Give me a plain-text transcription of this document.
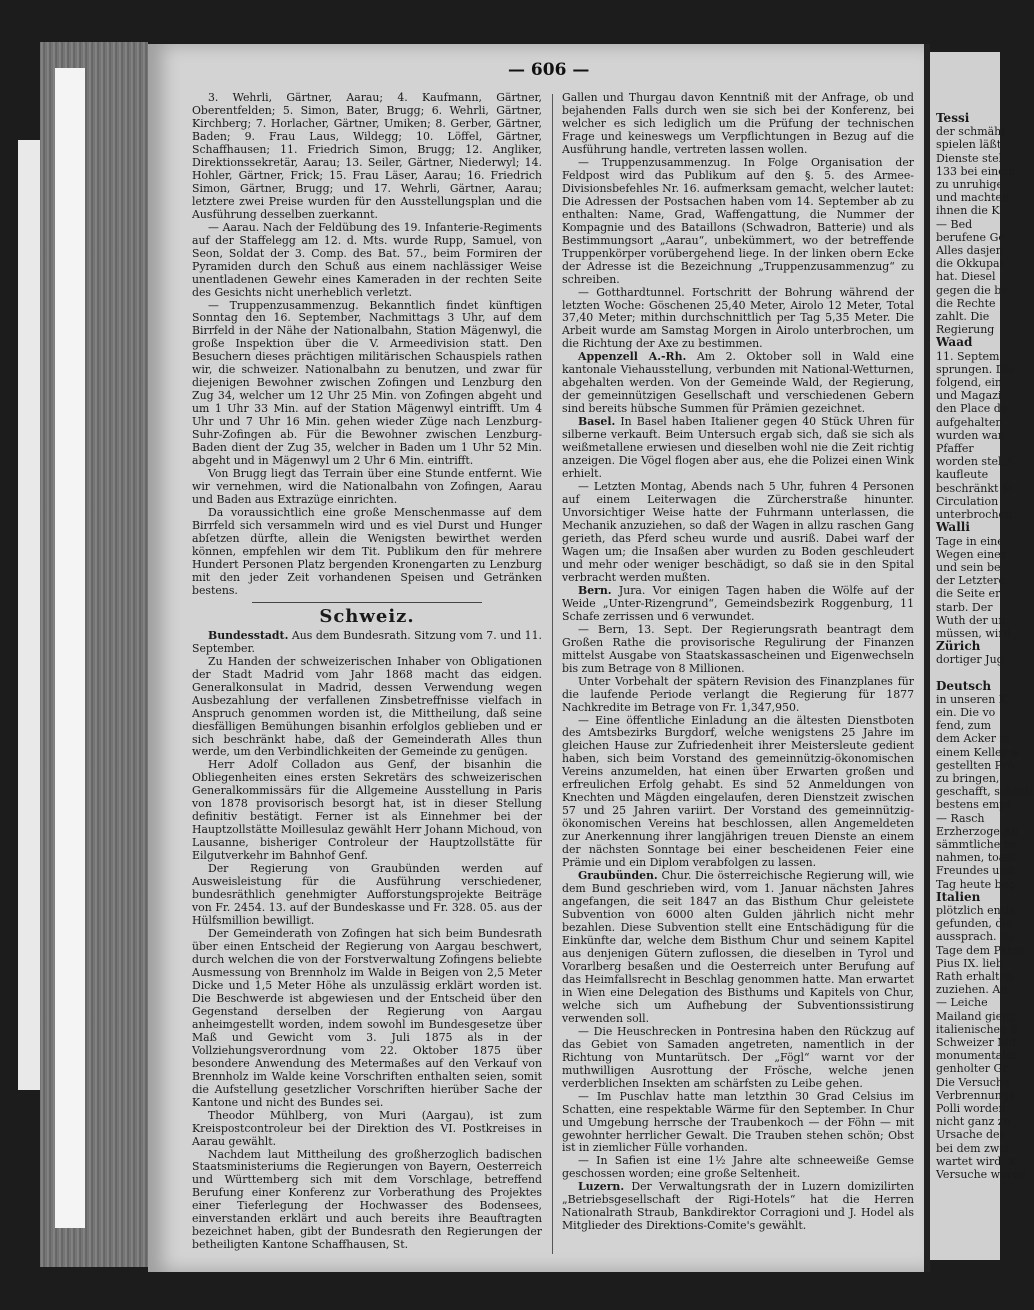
— 606 —

3. Wehrli, Gärtner, Aarau; 4. Kaufmann, Gärtner, Oberentfelden; 5. Simon, Bater, Brugg; 6. Wehrli, Gärtner, Kirchberg; 7. Horlacher, Gärtner, Umiken; 8. Gerber, Gärtner, Baden; 9. Frau Laus, Wildegg; 10. Löffel, Gärtner, Schaffhausen; 11. Friedrich Simon, Brugg; 12. Angliker, Direktionssekretär, Aarau; 13. Seiler, Gärtner, Niederwyl; 14. Hohler, Gärtner, Frick; 15. Frau Läser, Aarau; 16. Friedrich Simon, Gärtner, Brugg; und 17. Wehrli, Gärtner, Aarau; letztere zwei Preise wurden für den Ausstellungsplan und die Ausführung desselben zuerkannt.

— Aarau. Nach der Feldübung des 19. Infanterie-Regiments auf der Staffelegg am 12. d. Mts. wurde Rupp, Samuel, von Seon, Soldat der 3. Comp. des Bat. 57., beim Formiren der Pyramiden durch den Schuß aus einem nachlässiger Weise unentladenen Gewehr eines Kameraden in der rechten Seite des Gesichts nicht unerheblich verletzt.

— Truppenzusammenzug. Bekanntlich findet künftigen Sonntag den 16. September, Nachmittags 3 Uhr, auf dem Birrfeld in der Nähe der Nationalbahn, Station Mägenwyl, die große Inspektion über die V. Armeedivision statt. Den Besuchern dieses prächtigen militärischen Schauspiels rathen wir, die schweizer. Nationalbahn zu benutzen, und zwar für diejenigen Bewohner zwischen Zofingen und Lenzburg den Zug 34, welcher um 12 Uhr 25 Min. von Zofingen abgeht und um 1 Uhr 33 Min. auf der Station Mägenwyl eintrifft. Um 4 Uhr und 7 Uhr 16 Min. gehen wieder Züge nach Lenzburg-Suhr-Zofingen ab. Für die Bewohner zwischen Lenzburg-Baden dient der Zug 35, welcher in Baden um 1 Uhr 52 Min. abgeht und in Mägenwyl um 2 Uhr 6 Min. eintrifft.

Von Brugg liegt das Terrain über eine Stunde entfernt. Wie wir vernehmen, wird die Nationalbahn von Zofingen, Aarau und Baden aus Extrazüge einrichten.

Da voraussichtlich eine große Menschenmasse auf dem Birrfeld sich versammeln wird und es viel Durst und Hunger abſetzen dürfte, allein die Wenigsten bewirthet werden können, empfehlen wir dem Tit. Publikum den für mehrere Hundert Personen Platz bergenden Kronengarten zu Lenzburg mit den jeder Zeit vorhandenen Speisen und Getränken bestens.

Schweiz.

Bundesstadt. Aus dem Bundesrath. Sitzung vom 7. und 11. September.

Zu Handen der schweizerischen Inhaber von Obligationen der Stadt Madrid vom Jahr 1868 macht das eidgen. Generalkonsulat in Madrid, dessen Verwendung wegen Ausbezahlung der verfallenen Zinsbetreffnisse vielfach in Anspruch genommen worden ist, die Mittheilung, daß seine diesfälligen Bemühungen bisanhin erfolglos geblieben und er sich beschränkt habe, daß der Gemeinderath Alles thun werde, um den Verbindlichkeiten der Gemeinde zu genügen.

Herr Adolf Colladon aus Genf, der bisanhin die Obliegenheiten eines ersten Sekretärs des schweizerischen Generalkommissärs für die Allgemeine Ausstellung in Paris von 1878 provisorisch besorgt hat, ist in dieser Stellung definitiv bestätigt. Ferner ist als Einnehmer bei der Hauptzollstätte Moillesulaz gewählt Herr Johann Michoud, von Lausanne, bisheriger Controleur der Hauptzollstätte für Eilgutverkehr im Bahnhof Genf.

Der Regierung von Graubünden werden auf Ausweisleistung für die Ausführung verschiedener, bundesräthlich genehmigter Aufforstungsprojekte Beiträge von Fr. 2454. 13. auf der Bundeskasse und Fr. 328. 05. aus der Hülfsmillion bewilligt.

Der Gemeinderath von Zofingen hat sich beim Bundesrath über einen Entscheid der Regierung von Aargau beschwert, durch welchen die von der Forstverwaltung Zofingens beliebte Ausmessung von Brennholz im Walde in Beigen von 2,5 Meter Dicke und 1,5 Meter Höhe als unzulässig erklärt worden ist. Die Beschwerde ist abgewiesen und der Entscheid über den Gegenstand derselben der Regierung von Aargau anheimgestellt worden, indem sowohl im Bundesgesetze über Maß und Gewicht vom 3. Juli 1875 als in der Vollziehungsverordnung vom 22. Oktober 1875 über besondere Anwendung des Metermaßes auf den Verkauf von Brennholz im Walde keine Vorschriften enthalten seien, somit die Aufstellung gesetzlicher Vorschriften hierüber Sache der Kantone und nicht des Bundes sei.

Theodor Mühlberg, von Muri (Aargau), ist zum Kreispostcontroleur bei der Direktion des VI. Postkreises in Aarau gewählt.

Nachdem laut Mittheilung des großherzoglich badischen Staatsministeriums die Regierungen von Bayern, Oesterreich und Württemberg sich mit dem Vorschlage, betreffend Berufung einer Konferenz zur Vorberathung des Projektes einer Tieferlegung der Hochwasser des Bodensees, einverstanden erklärt und auch bereits ihre Beauftragten bezeichnet haben, gibt der Bundesrath den Regierungen der betheiligten Kantone Schaffhausen, St.

Gallen und Thurgau davon Kenntniß mit der Anfrage, ob und bejahenden Falls durch wen sie sich bei der Konferenz, bei welcher es sich lediglich um die Prüfung der technischen Frage und keineswegs um Verpflichtungen in Bezug auf die Ausführung handle, vertreten lassen wollen.

— Truppenzusammenzug. In Folge Organisation der Feldpost wird das Publikum auf den §. 5. des Armee-Divisionsbefehles Nr. 16. aufmerksam gemacht, welcher lautet: Die Adressen der Postsachen haben vom 14. September ab zu enthalten: Name, Grad, Waffengattung, die Nummer der Kompagnie und des Bataillons (Schwadron, Batterie) und als Bestimmungsort „Aarau“, unbekümmert, wo der betreffende Truppenkörper vorübergehend liege. In der linken obern Ecke der Adresse ist die Bezeichnung „Truppenzusammenzug“ zu schreiben.

— Gotthardtunnel. Fortschritt der Bohrung während der letzten Woche: Göschenen 25,40 Meter, Airolo 12 Meter, Total 37,40 Meter; mithin durchschnittlich per Tag 5,35 Meter. Die Arbeit wurde am Samstag Morgen in Airolo unterbrochen, um die Richtung der Axe zu bestimmen.

Appenzell A.-Rh. Am 2. Oktober soll in Wald eine kantonale Viehausstellung, verbunden mit National-Wetturnen, abgehalten werden. Von der Gemeinde Wald, der Regierung, der gemeinnützigen Gesellschaft und verschiedenen Gebern sind bereits hübsche Summen für Prämien gezeichnet.

Basel. In Basel haben Italiener gegen 40 Stück Uhren für silberne verkauft. Beim Untersuch ergab sich, daß sie sich als weißmetallene erwiesen und dieselben wohl nie die Zeit richtig anzeigen. Die Vögel flogen aber aus, ehe die Polizei einen Wink erhielt.

— Letzten Montag, Abends nach 5 Uhr, fuhren 4 Personen auf einem Leiterwagen die Zürcherstraße hinunter. Unvorsichtiger Weise hatte der Fuhrmann unterlassen, die Mechanik anzuziehen, so daß der Wagen in allzu raschen Gang gerieth, das Pferd scheu wurde und ausriß. Dabei warf der Wagen um; die Insaßen aber wurden zu Boden geschleudert und mehr oder weniger beschädigt, so daß sie in den Spital verbracht werden mußten.

Bern. Jura. Vor einigen Tagen haben die Wölfe auf der Weide „Unter-Rizengrund“, Gemeindsbezirk Roggenburg, 11 Schafe zerrissen und 6 verwundet.

— Bern, 13. Sept. Der Regierungsrath beantragt dem Großen Rathe die provisorische Regulirung der Finanzen mittelst Ausgabe von Staatskassascheinen und Eigenwechseln bis zum Betrage von 8 Millionen.

Unter Vorbehalt der spätern Revision des Finanzplanes für die laufende Periode verlangt die Regierung für 1877 Nachkredite im Betrage von Fr. 1,347,950.

— Eine öffentliche Einladung an die ältesten Dienstboten des Amtsbezirks Burgdorf, welche wenigstens 25 Jahre im gleichen Hause zur Zufriedenheit ihrer Meistersleute gedient haben, sich beim Vorstand des gemeinnützig-ökonomischen Vereins anzumelden, hat einen über Erwarten großen und erfreulichen Erfolg gehabt. Es sind 52 Anmeldungen von Knechten und Mägden eingelaufen, deren Dienstzeit zwischen 57 und 25 Jahren variirt. Der Vorstand des gemeinnützig-ökonomischen Vereins hat beschlossen, allen Angemeldeten zur Anerkennung ihrer langjährigen treuen Dienste an einem der nächsten Sonntage bei einer bescheidenen Feier eine Prämie und ein Diplom verabfolgen zu lassen.

Graubünden. Chur. Die österreichische Regierung will, wie dem Bund geschrieben wird, vom 1. Januar nächsten Jahres angefangen, die seit 1847 an das Bisthum Chur geleistete Subvention von 6000 alten Gulden jährlich nicht mehr bezahlen. Diese Subvention stellt eine Entschädigung für die Einkünfte dar, welche dem Bisthum Chur und seinem Kapitel aus denjenigen Gütern zuflossen, die dieselben in Tyrol und Vorarlberg besaßen und die Oesterreich unter Berufung auf das Heimfallsrecht in Beschlag genommen hatte. Man erwartet in Wien eine Delegation des Bisthums und Kapitels von Chur, welche sich um Aufhebung der Subventionssistirung verwenden soll.

— Die Heuschrecken in Pontresina haben den Rückzug auf das Gebiet von Samaden angetreten, namentlich in der Richtung von Muntarütsch. Der „Fögl“ warnt vor der muthwilligen Ausrottung der Frösche, welche jenen verderblichen Insekten am schärfsten zu Leibe gehen.

— Im Puschlav hatte man letzthin 30 Grad Celsius im Schatten, eine respektable Wärme für den September. In Chur und Umgebung herrsche der Traubenkoch — der Föhn — mit gewohnter herrlicher Gewalt. Die Trauben stehen schön; Obst ist in ziemlicher Fülle vorhanden.

— In Safien ist eine 1½ Jahre alte schneeweiße Gemse geschossen worden; eine große Seltenheit.

Luzern. Der Verwaltungsrath der in Luzern domizilirten „Betriebsgesellschaft der Rigi-Hotels“ hat die Herren Nationalrath Straub, Bankdirektor Corragioni und J. Hodel als Mitglieder des Direktions-Comite's gewählt.

Tessi
der schmähl
spielen läßt
Dienste stel
133 bei einem
zu unruhige
und machten
ihnen die K
— Bed
berufene Ge
Alles dasjen
die Okkupat
hat. Diesel
gegen die be
die Rechte
zahlt. Die
Regierung
Waad
11. Septem
sprungen. Die
folgend, ein
und Magazi
den Place de
aufgehalten
wurden war,
Pfaffer
worden stelle
kaufleute
beschränkt fe
Circulation
unterbrochen
Walli
Tage in eine
Wegen eines
und sein be
der Letztere
die Seite er
starb. Der
Wuth der un
müssen, wird
Zürich
dortiger Jug
Deutsch
in unseren K
ein. Die vo
fend, zum
dem Acker in
einem Keller w
gestellten Pro
zu bringen,
geschafft, schmal
bestens empf
— Rasch
Erzherzoge Ab
sämmtliche be
nahmen, toast
Freundes und
Tag heute beg
Italien
plötzlich entla
gefunden, die
aussprach. Di
Tage dem Pabst
Pius IX. lieb
Rath erhalten
zuziehen. An
— Leiche
Mailand gieng
italienischen S
Schweizer Mit
monumentaler
genholter Gr
Die Versuche
Verbrennungs
Polli worden
nicht ganz zu
Ursache des
bei dem zwei
wartet wird, a
Versuche wurde
